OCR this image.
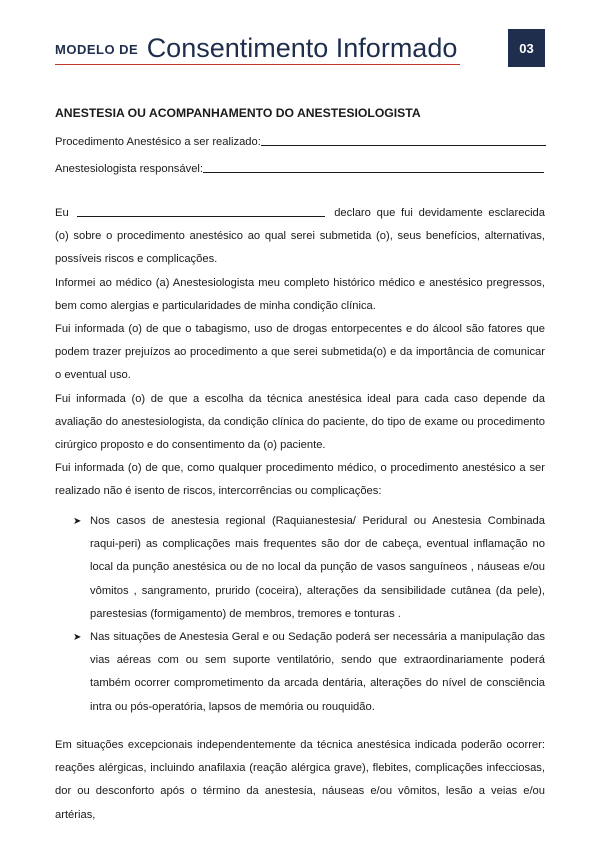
MODELO DE Consentimento Informado	03
ANESTESIA OU ACOMPANHAMENTO DO ANESTESIOLOGISTA
Procedimento Anestésico a ser realizado:
Anestesiologista responsável:

Eu	declaro que fui devidamente esclarecida (o) sobre o procedimento anestésico ao qual serei submetida (o), seus benefícios, alternativas, possíveis riscos e complicações.

Informei ao médico (a) Anestesiologista meu completo histórico médico e anestésico pregressos, bem como alergias e particularidades de minha condição clínica.

Fui informada (o) de que o tabagismo, uso de drogas entorpecentes e do álcool são fatores que podem trazer prejuízos ao procedimento a que serei submetida(o) e da importância de comunicar o eventual uso.

Fui informada (o) de que a escolha da técnica anestésica ideal para cada caso depende da avaliação do anestesiologista, da condição clínica do paciente, do tipo de exame ou procedimento cirúrgico proposto e do consentimento da (o) paciente.

Fui informada (o) de que, como qualquer procedimento médico, o procedimento anestésico a ser realizado não é isento de riscos, intercorrências ou complicações:

➤ Nos casos de anestesia regional (Raquianestesia/ Peridural ou Anestesia Combinada raqui-peri) as complicações mais frequentes são dor de cabeça, eventual inflamação no local da punção anestésica ou de no local da punção de vasos sanguíneos , náuseas e/ou vômitos , sangramento, prurido (coceira), alterações da sensibilidade cutânea (da pele), parestesias (formigamento) de membros, tremores e tonturas .
➤ Nas situações de Anestesia Geral e ou Sedação poderá ser necessária a manipulação das vias aéreas com ou sem suporte ventilatório, sendo que extraordinariamente poderá também ocorrer comprometimento da arcada dentária, alterações do nível de consciência intra ou pós-operatória, lapsos de memória ou rouquidão.
Em situações excepcionais independentemente da técnica anestésica indicada poderão ocorrer: reações alérgicas, incluindo anafilaxia (reação alérgica grave), flebites, complicações infecciosas, dor ou desconforto após o término da anestesia, náuseas e/ou vômitos, lesão a veias e/ou artérias,
